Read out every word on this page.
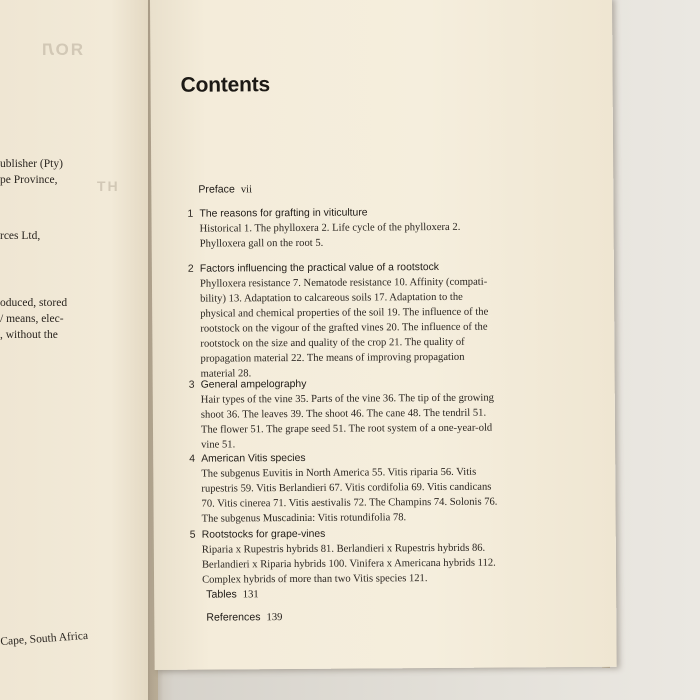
ЯОЛ
HT
ublisher (Pty)
pe Province,
rces Ltd,
oduced, stored
/ means, elec-
, without the
Cape, South Africa
Contents
Preface vii
1 The reasons for grafting in viticulture
Historical 1. The phylloxera 2. Life cycle of the phylloxera 2.
Phylloxera gall on the root 5.
2 Factors influencing the practical value of a rootstock
Phylloxera resistance 7. Nematode resistance 10. Affinity (compati-
bility) 13. Adaptation to calcareous soils 17. Adaptation to the
physical and chemical properties of the soil 19. The influence of the
rootstock on the vigour of the grafted vines 20. The influence of the
rootstock on the size and quality of the crop 21. The quality of
propagation material 22. The means of improving propagation
material 28.
3 General ampelography
Hair types of the vine 35. Parts of the vine 36. The tip of the growing
shoot 36. The leaves 39. The shoot 46. The cane 48. The tendril 51.
The flower 51. The grape seed 51. The root system of a one-year-old
vine 51.
4 American Vitis species
The subgenus Euvitis in North America 55. Vitis riparia 56. Vitis
rupestris 59. Vitis Berlandieri 67. Vitis cordifolia 69. Vitis candicans
70. Vitis cinerea 71. Vitis aestivalis 72. The Champins 74. Solonis 76.
The subgenus Muscadinia: Vitis rotundifolia 78.
5 Rootstocks for grape-vines
Riparia x Rupestris hybrids 81. Berlandieri x Rupestris hybrids 86.
Berlandieri x Riparia hybrids 100. Vinifera x Americana hybrids 112.
Complex hybrids of more than two Vitis species 121.
Tables 131
References 139
